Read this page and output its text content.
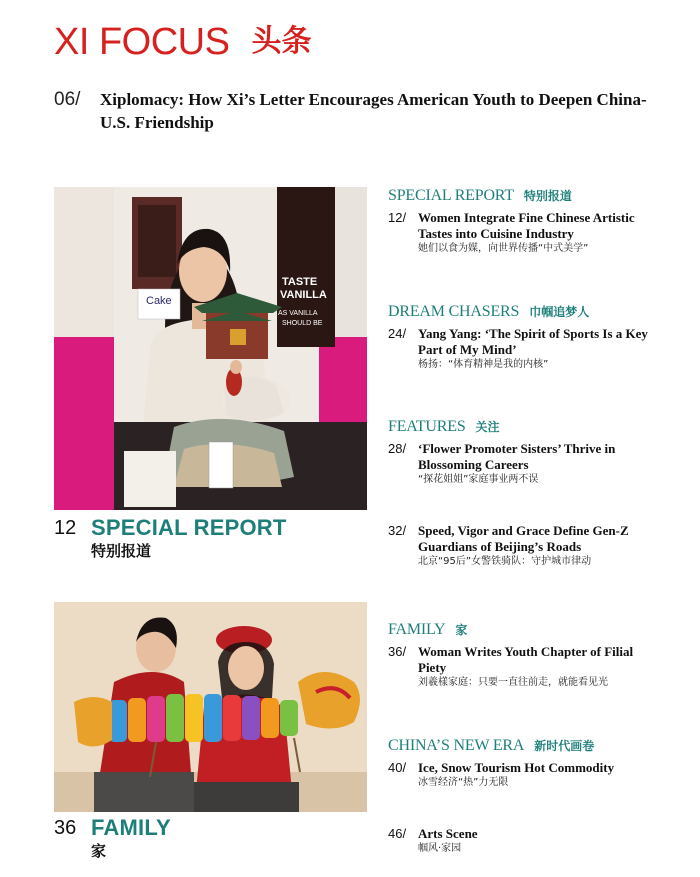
XI FOCUS 头条
06/ Xiplomacy: How Xi’s Letter Encourages American Youth to Deepen China-U.S. Friendship
TASTE
VANILLA
AS VANILLA
SHOULD BE
Cake
12 SPECIAL REPORT
特别报道
36 FAMILY
家
SPECIAL REPORT 特别报道
12/ Women Integrate Fine Chinese Artistic Tastes into Cuisine Industry
她们以食为媒，向世界传播“中式美学”
DREAM CHASERS 巾帼追梦人
24/ Yang Yang: ‘The Spirit of Sports Is a Key Part of My Mind’
杨扬：“体育精神是我的内核”
FEATURES 关注
28/ ‘Flower Promoter Sisters’ Thrive in Blossoming Careers
“探花姐姐”家庭事业两不误
32/ Speed, Vigor and Grace Define Gen-Z Guardians of Beijing’s Roads
北京“95后”女警铁骑队：守护城市律动
FAMILY 家
36/ Woman Writes Youth Chapter of Filial Piety
刘羲樣家庭：只要一直往前走，就能看见光
CHINA’S NEW ERA 新时代画卷
40/ Ice, Snow Tourism Hot Commodity
冰雪经济“热”力无限
46/ Arts Scene
帼风·家园
